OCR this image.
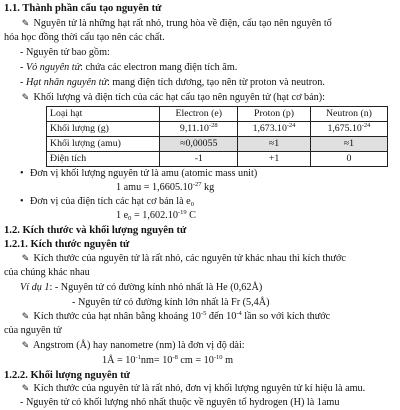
1.1. Thành phần cấu tạo nguyên tử
✎ Nguyên tử là những hạt rất nhỏ, trung hòa về điện, cấu tạo nên nguyên tố
hóa học đồng thời cấu tạo nên các chất.
- Nguyên tử bao gồm:
- Vỏ nguyên tử: chứa các electron mang điện tích âm.
- Hạt nhân nguyên tử: mang điện tích dương, tạo nên từ proton và neutron.
✎ Khối lượng và điện tích của các hạt cấu tạo nên nguyên tử (hạt cơ bản):
Loại hạt	Electron (e)	Proton (p)	Neutron (n)
Khối lượng (g)	$9,11.10^{-28}$	$1,673.10^{-24}$	$1,675.10^{-24}$
Khối lượng (amu)	≈0,00055	≈1	≈1
Điện tích	-1	+1	0
• Đơn vị khối lượng nguyên tử là amu (atomic mass unit)
1 amu = $1,6605.10^{-27}$ kg
• Đơn vị của điện tích các hạt cơ bản là $e_0$
1 $e_0 = 1,602.10^{-19}$ C
1.2. Kích thước và khối lượng nguyên tử
1.2.1. Kích thước nguyên tử
✎ Kích thước của nguyên tử là rất nhỏ, các nguyên tử khác nhau thì kích thước
của chúng khác nhau
Ví dụ 1: - Nguyên tử có đường kính nhỏ nhất là He (0,62Å)
- Nguyên tử có đường kính lớn nhất là Fr (5,4Å)
✎ Kích thước của hạt nhân bằng khoảng $10^{-5}$ đến $10^{-4}$ lần so với kích thước
của nguyên tử
✎ Angstrom (Å) hay nanometre (nm) là đơn vị độ dài:
1Å = $10^{-1}nm= 10^{-8}$ cm = $10^{-10}$ m
1.2.2. Khối lượng nguyên tử
✎ Kích thước của nguyên tử là rất nhỏ, đơn vị khối lượng nguyên tử kí hiệu là amu.
- Nguyên tử có khối lượng nhỏ nhất thuộc về nguyên tố hydrogen (H) là 1amu
